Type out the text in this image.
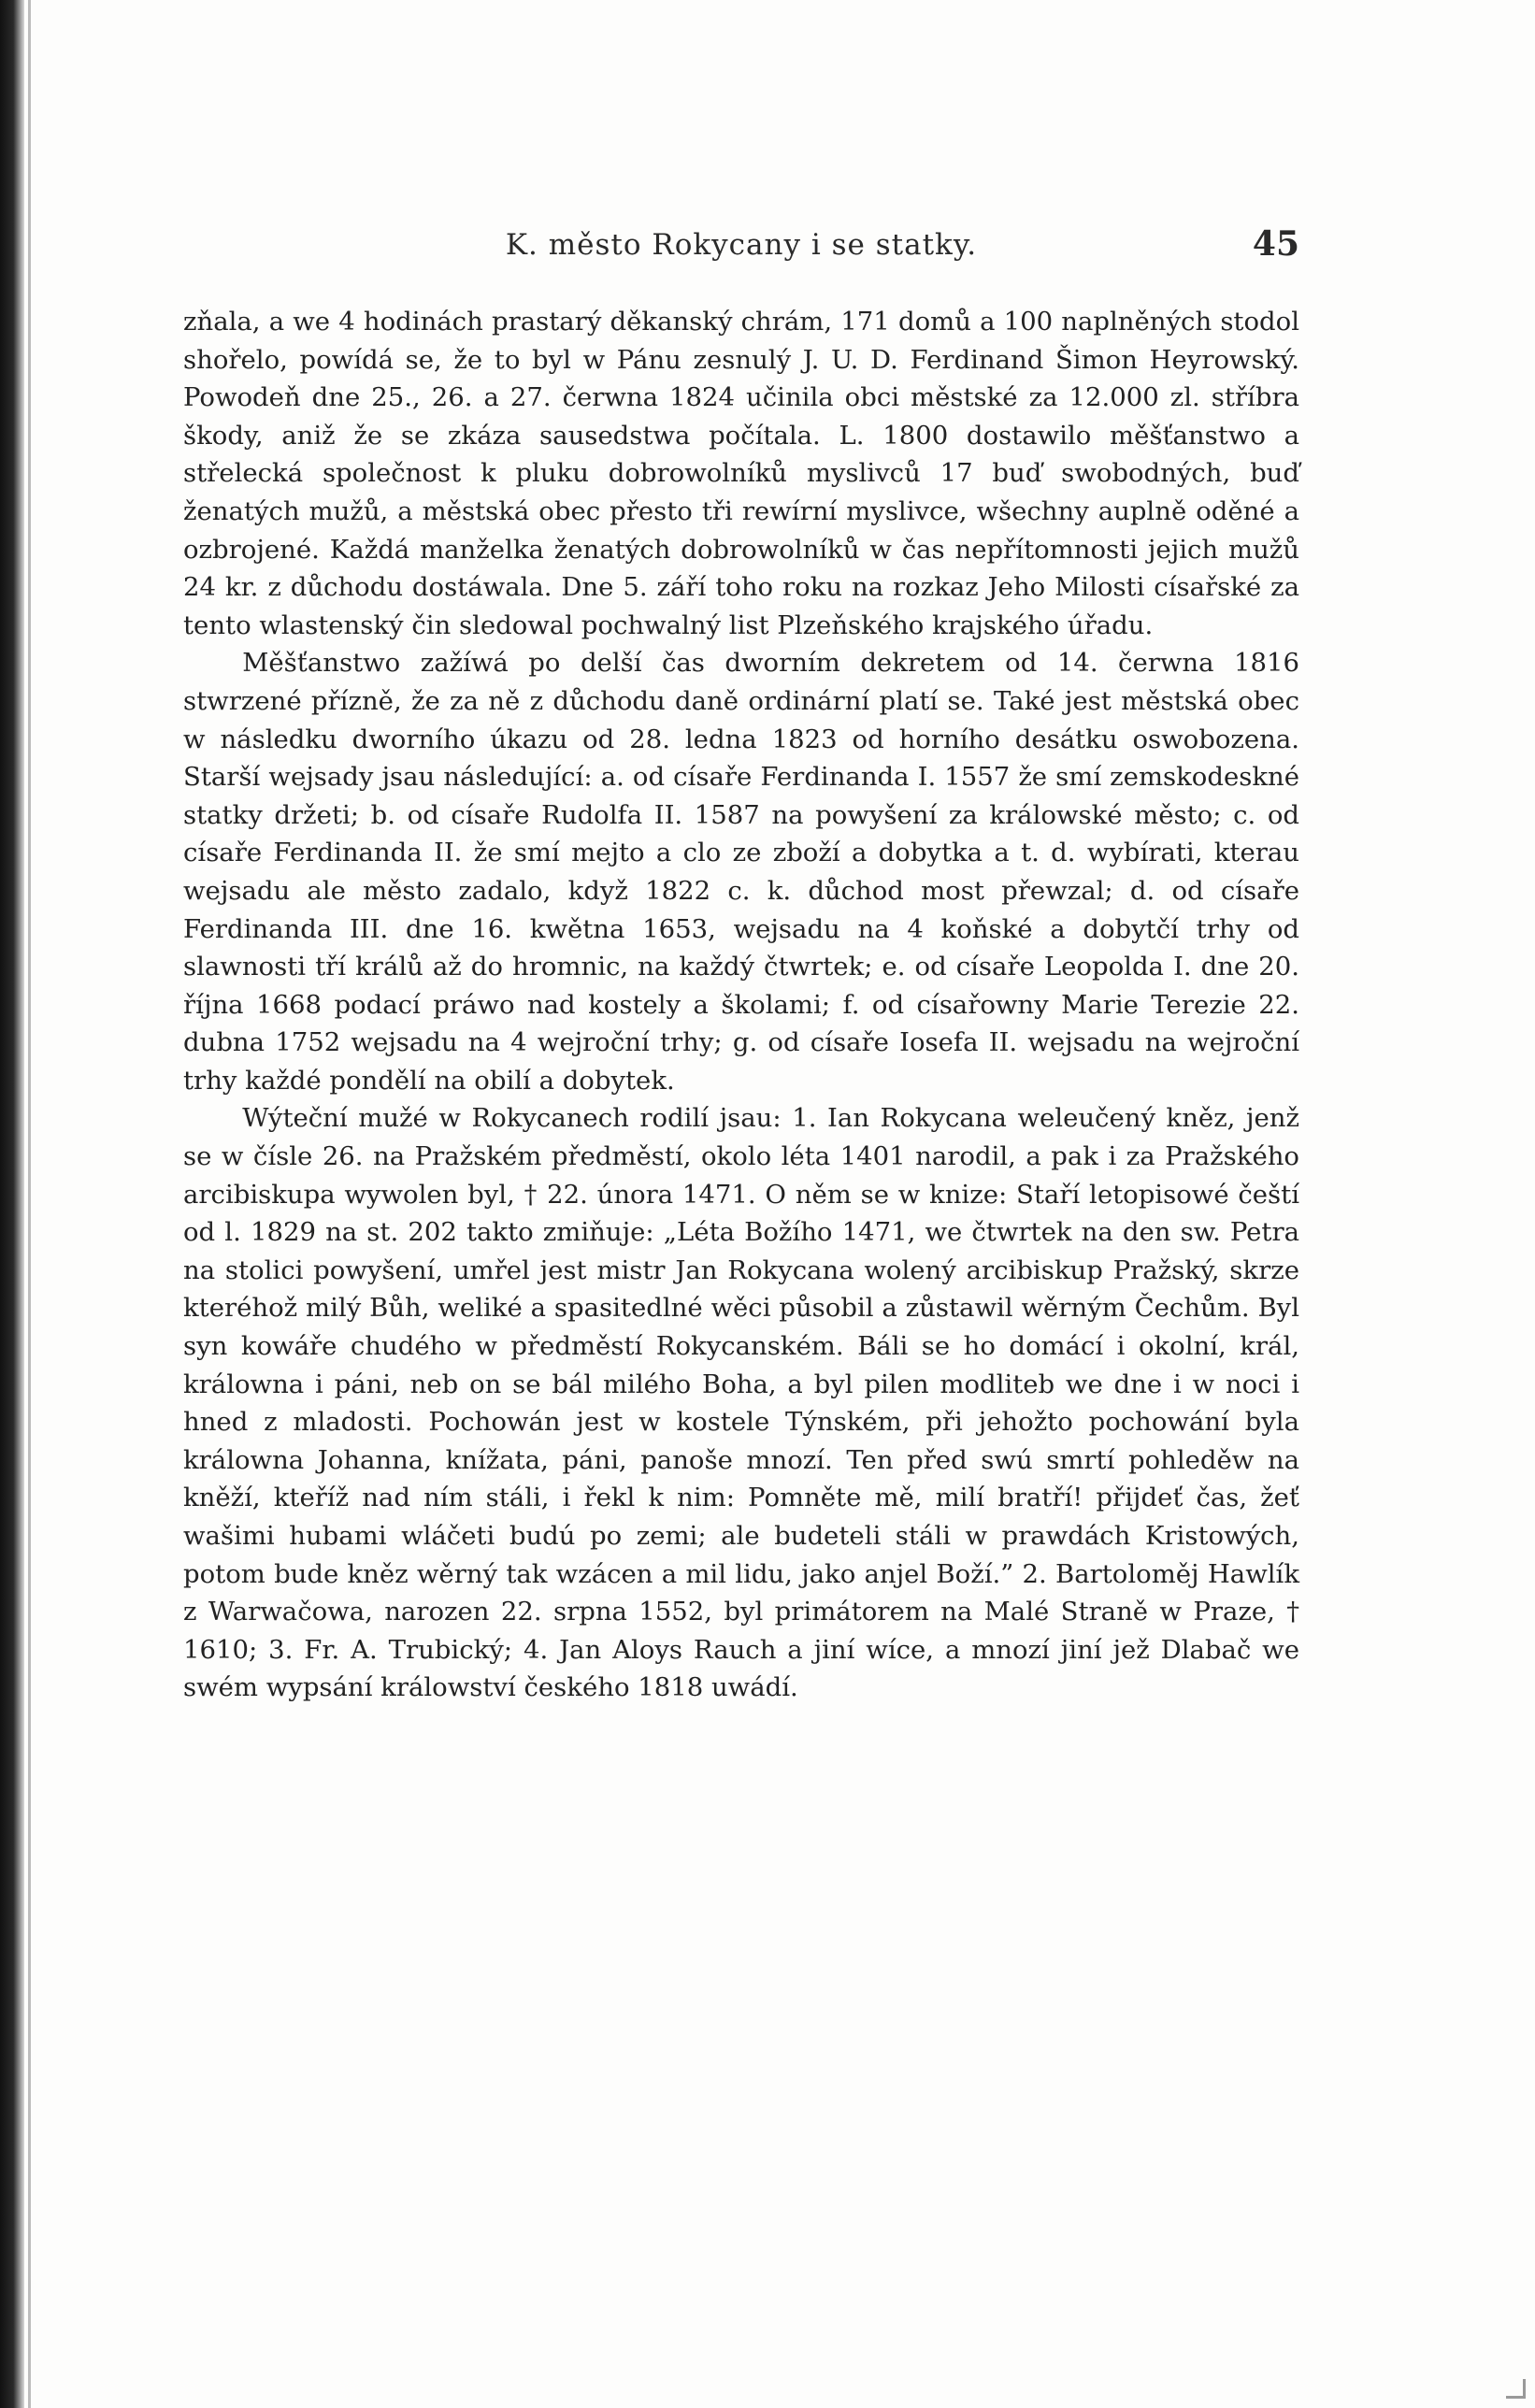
K. město Rokycany i se statky.	45

zňala, a we 4 hodinách prastarý děkanský chrám, 171 domů a 100 naplněných stodol shořelo, powídá se, že to byl w Pánu zesnulý J. U. D. Ferdinand Šimon Heyrowský. Powodeň dne 25., 26. a 27. čerwna 1824 učinila obci městské za 12.000 zl. stříbra škody, aniž že se zkáza sausedstwa počítala. L. 1800 dostawilo měšťanstwo a střelecká společnost k pluku dobrowolníků myslivců 17 buď swobodných, buď ženatých mužů, a městská obec přesto tři rewírní myslivce, wšechny auplně oděné a ozbrojené. Každá manželka ženatých dobrowolníků w čas nepřítomnosti jejich mužů 24 kr. z důchodu dostáwala. Dne 5. září toho roku na rozkaz Jeho Milosti císařské za tento wlastenský čin sledowal pochwalný list Plzeňského krajského úřadu.

Měšťanstwo zažíwá po delší čas dworním dekretem od 14. čerwna 1816 stwrzené přízně, že za ně z důchodu daně ordinární platí se. Také jest městská obec w následku dworního úkazu od 28. ledna 1823 od horního desátku oswobozena. Starší wejsady jsau následující: a. od císaře Ferdinanda I. 1557 že smí zemskodeskné statky držeti; b. od císaře Rudolfa II. 1587 na powyšení za králowské město; c. od císaře Ferdinanda II. že smí mejto a clo ze zboží a dobytka a t. d. wybírati, kterau wejsadu ale město zadalo, když 1822 c. k. důchod most přewzal; d. od císaře Ferdinanda III. dne 16. kwětna 1653, wejsadu na 4 koňské a dobytčí trhy od slawnosti tří králů až do hromnic, na každý čtwrtek; e. od císaře Leopolda I. dne 20. října 1668 podací práwo nad kostely a školami; f. od císařowny Marie Terezie 22. dubna 1752 wejsadu na 4 wejroční trhy; g. od císaře Iosefa II. wejsadu na wejroční trhy každé pondělí na obilí a dobytek.

Wýteční mužé w Rokycanech rodilí jsau: 1. Ian Rokycana weleučený kněz, jenž se w čísle 26. na Pražském předměstí, okolo léta 1401 narodil, a pak i za Pražského arcibiskupa wywolen byl, † 22. února 1471. O něm se w knize: Staří letopisowé čeští od l. 1829 na st. 202 takto zmiňuje: „Léta Božího 1471, we čtwrtek na den sw. Petra na stolici powyšení, umřel jest mistr Jan Rokycana wolený arcibiskup Pražský, skrze kteréhož milý Bůh, weliké a spasitedlné wěci působil a zůstawil wěrným Čechům. Byl syn kowáře chudého w předměstí Rokycanském. Báli se ho domácí i okolní, král, králowna i páni, neb on se bál milého Boha, a byl pilen modliteb we dne i w noci i hned z mladosti. Pochowán jest w kostele Týnském, při jehožto pochowání byla králowna Johanna, knížata, páni, panoše mnozí. Ten před swú smrtí pohleděw na kněží, kteříž nad ním stáli, i řekl k nim: Pomněte mě, milí bratří! přijdeť čas, žeť wašimi hubami wláčeti budú po zemi; ale budeteli stáli w prawdách Kristowých, potom bude kněz wěrný tak wzácen a mil lidu, jako anjel Boží.” 2. Bartoloměj Hawlík z Warwačowa, narozen 22. srpna 1552, byl primátorem na Malé Straně w Praze, † 1610; 3. Fr. A. Trubický; 4. Jan Aloys Rauch a jiní wíce, a mnozí jiní jež Dlabač we swém wypsání králowství českého 1818 uwádí.
